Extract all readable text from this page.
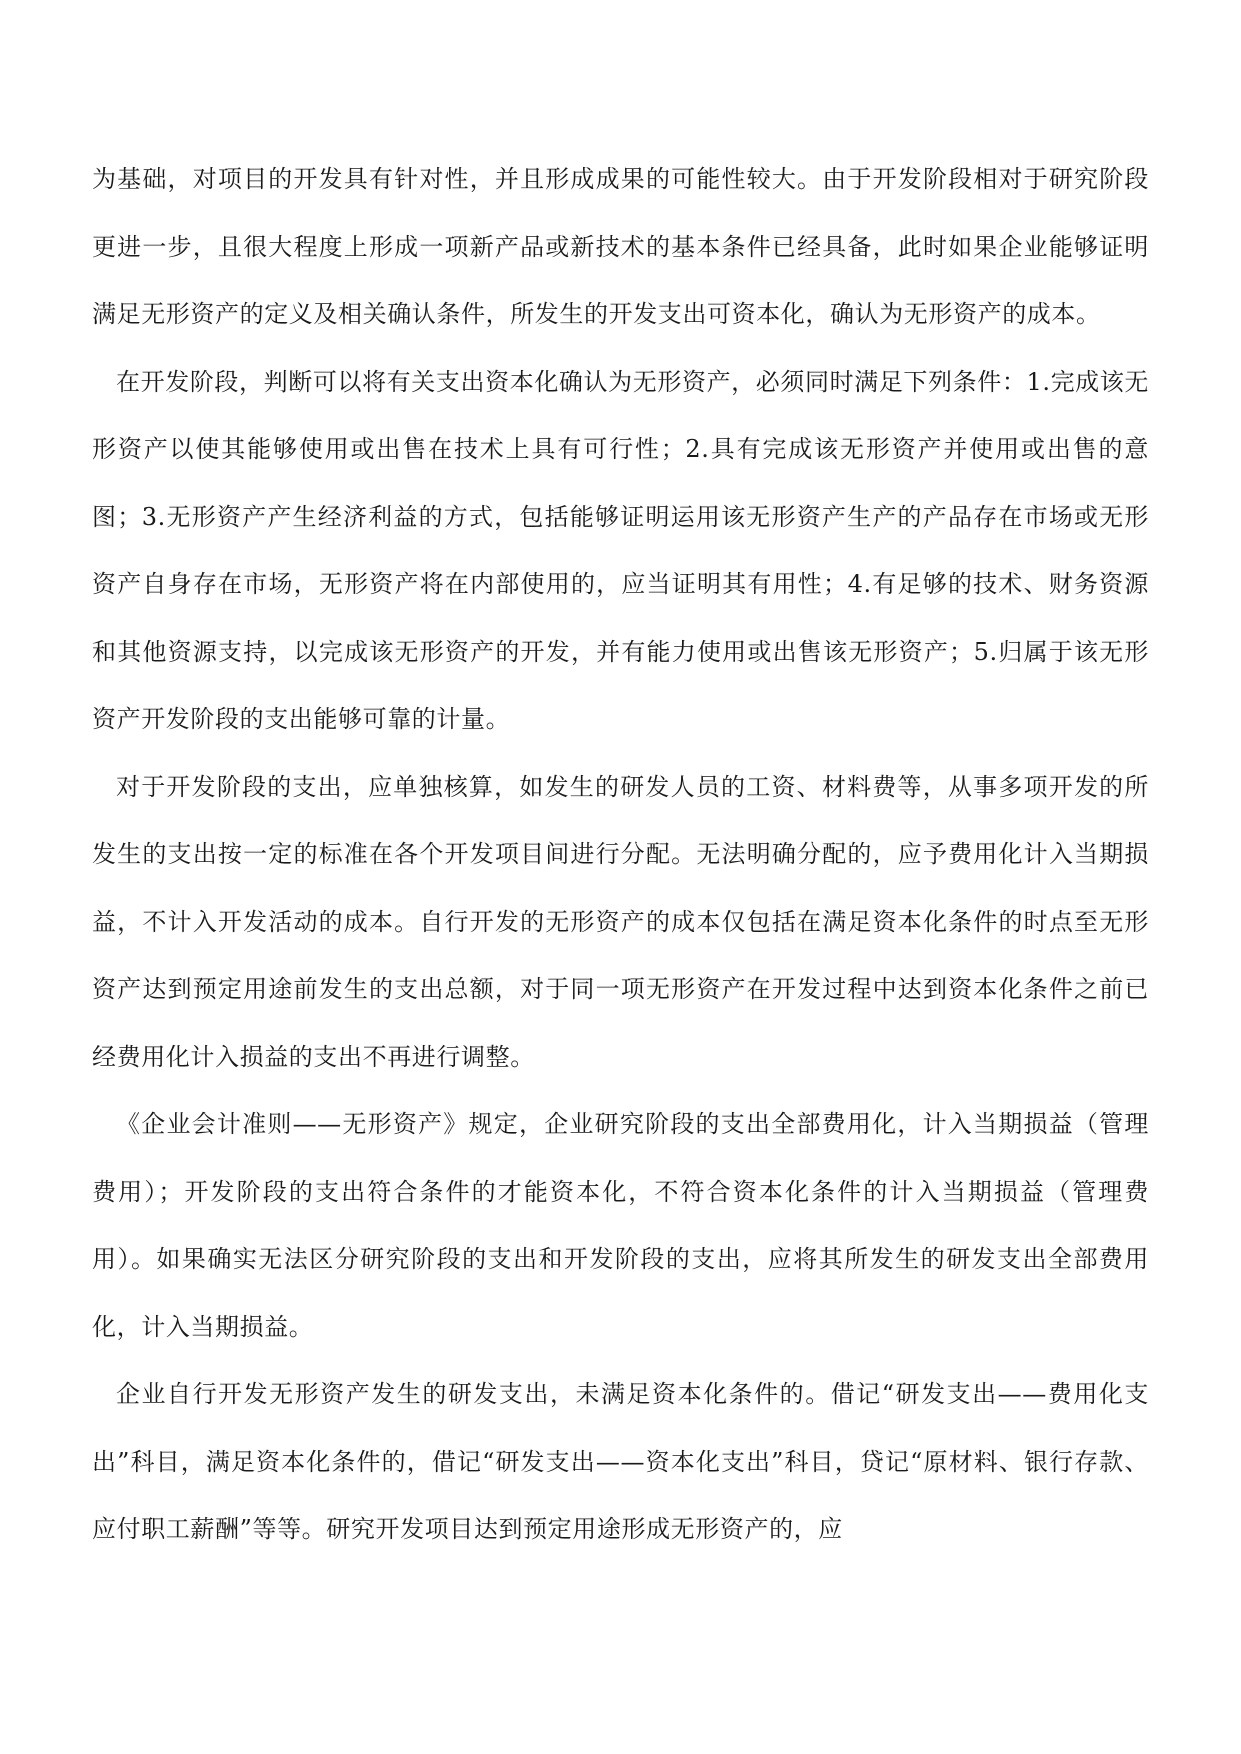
为基础，对项目的开发具有针对性，并且形成成果的可能性较大。由于开发阶段相对于研究阶段更进一步，且很大程度上形成一项新产品或新技术的基本条件已经具备，此时如果企业能够证明满足无形资产的定义及相关确认条件，所发生的开发支出可资本化，确认为无形资产的成本。

在开发阶段，判断可以将有关支出资本化确认为无形资产，必须同时满足下列条件：1.完成该无形资产以使其能够使用或出售在技术上具有可行性；2.具有完成该无形资产并使用或出售的意图；3.无形资产产生经济利益的方式，包括能够证明运用该无形资产生产的产品存在市场或无形资产自身存在市场，无形资产将在内部使用的，应当证明其有用性；4.有足够的技术、财务资源和其他资源支持，以完成该无形资产的开发，并有能力使用或出售该无形资产；5.归属于该无形资产开发阶段的支出能够可靠的计量。

对于开发阶段的支出，应单独核算，如发生的研发人员的工资、材料费等，从事多项开发的所发生的支出按一定的标准在各个开发项目间进行分配。无法明确分配的，应予费用化计入当期损益，不计入开发活动的成本。自行开发的无形资产的成本仅包括在满足资本化条件的时点至无形资产达到预定用途前发生的支出总额，对于同一项无形资产在开发过程中达到资本化条件之前已经费用化计入损益的支出不再进行调整。

《企业会计准则——无形资产》规定，企业研究阶段的支出全部费用化，计入当期损益（管理费用）；开发阶段的支出符合条件的才能资本化，不符合资本化条件的计入当期损益（管理费用）。如果确实无法区分研究阶段的支出和开发阶段的支出，应将其所发生的研发支出全部费用化，计入当期损益。

企业自行开发无形资产发生的研发支出，未满足资本化条件的。借记“研发支出——费用化支出”科目，满足资本化条件的，借记“研发支出——资本化支出”科目，贷记“原材料、银行存款、应付职工薪酬”等等。研究开发项目达到预定用途形成无形资产的，应
